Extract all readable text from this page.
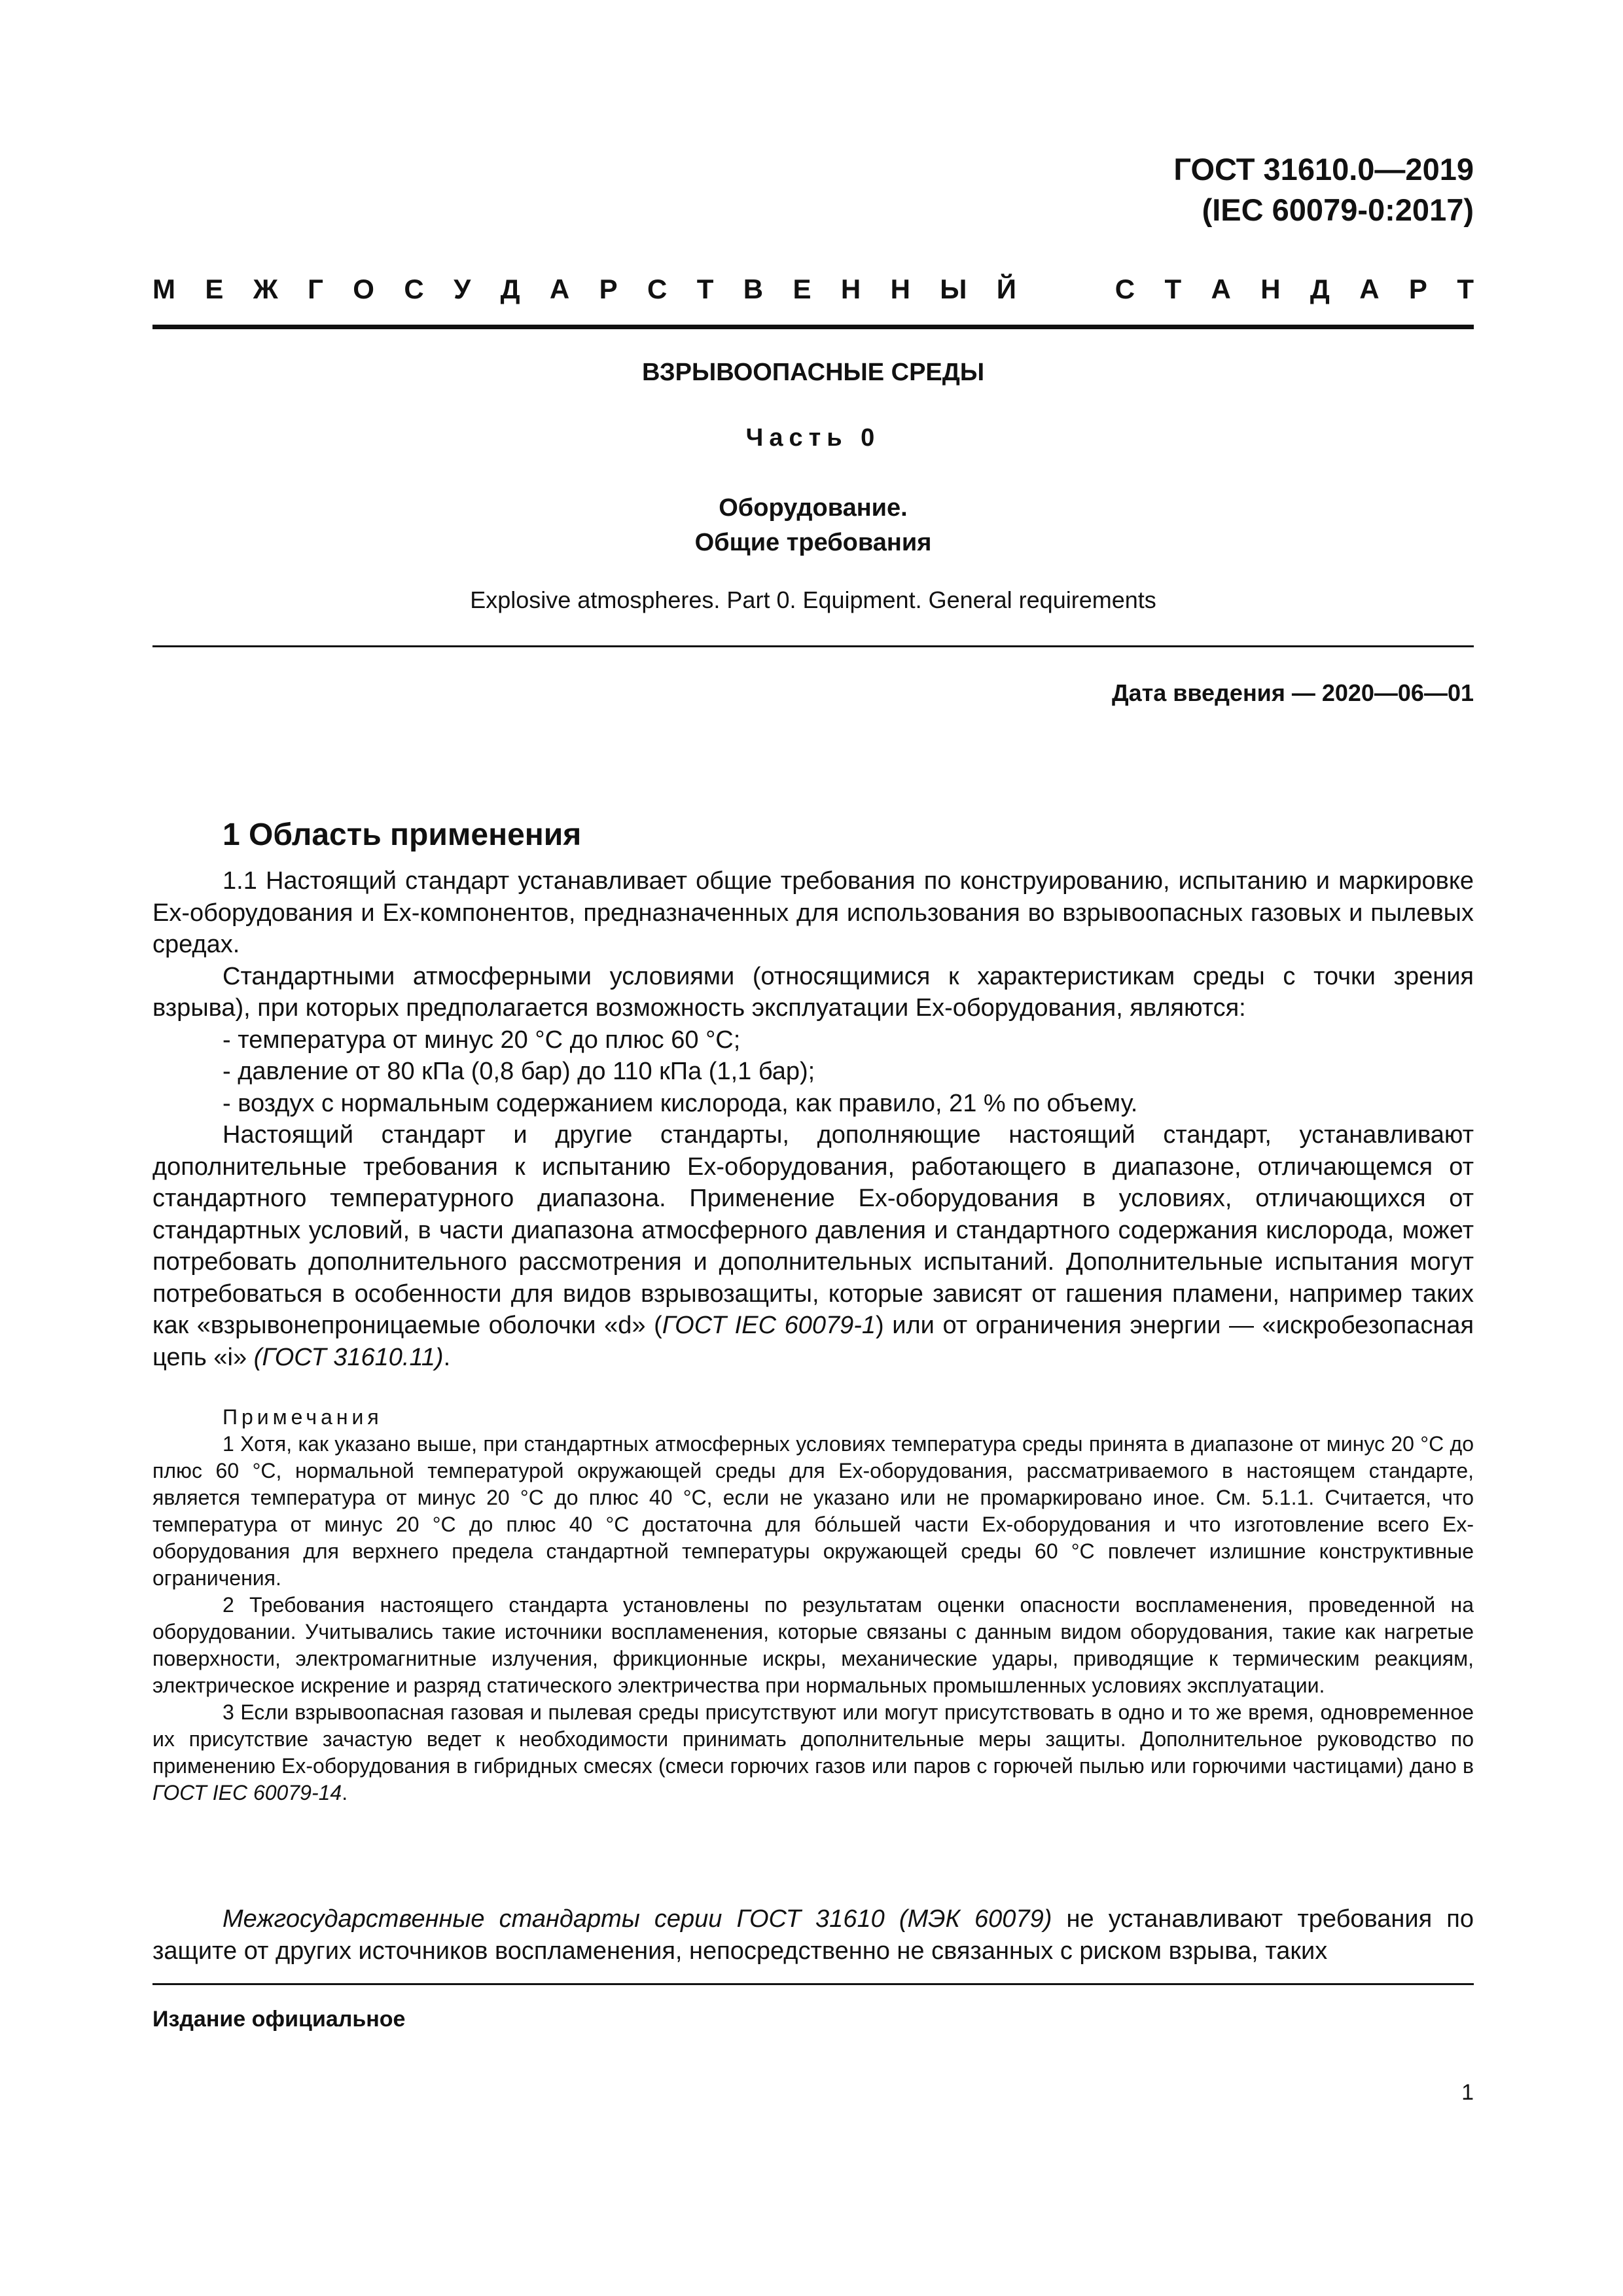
ГОСТ 31610.0—2019
(IEC 60079-0:2017)
М Е Ж Г О С У Д А Р С Т В Е Н Н Ы Й	С Т А Н Д А Р Т
ВЗРЫВООПАСНЫЕ СРЕДЫ
Часть 0
Оборудование.
Общие требования
Explosive atmospheres. Part 0. Equipment. General requirements
Дата введения — 2020—06—01
1 Область применения

1.1 Настоящий стандарт устанавливает общие требования по конструированию, испытанию и маркировке Ex-оборудования и Ex-компонентов, предназначенных для использования во взрывоопасных газовых и пылевых средах.

Стандартными атмосферными условиями (относящимися к характеристикам среды с точки зрения взрыва), при которых предполагается возможность эксплуатации Ex-оборудования, являются:

- температура от минус 20 °C до плюс 60 °C;

- давление от 80 кПа (0,8 бар) до 110 кПа (1,1 бар);

- воздух с нормальным содержанием кислорода, как правило, 21 % по объему.

Настоящий стандарт и другие стандарты, дополняющие настоящий стандарт, устанавливают дополнительные требования к испытанию Ex-оборудования, работающего в диапазоне, отличающемся от стандартного температурного диапазона. Применение Ex-оборудования в условиях, отличающихся от стандартных условий, в части диапазона атмосферного давления и стандартного содержания кислорода, может потребовать дополнительного рассмотрения и дополнительных испытаний. Дополнительные испытания могут потребоваться в особенности для видов взрывозащиты, которые зависят от гашения пламени, например таких как «взрывонепроницаемые оболочки «d» (ГОСТ IEC 60079-1) или от ограничения энергии — «искробезопасная цепь «i» (ГОСТ 31610.11).

Примечания

1 Хотя, как указано выше, при стандартных атмосферных условиях температура среды принята в диапазоне от минус 20 °C до плюс 60 °C, нормальной температурой окружающей среды для Ex-оборудования, рассматриваемого в настоящем стандарте, является температура от минус 20 °C до плюс 40 °C, если не указано или не промаркировано иное. См. 5.1.1. Считается, что температура от минус 20 °C до плюс 40 °C достаточна для бо́льшей части Ex-оборудования и что изготовление всего Ex-оборудования для верхнего предела стандартной температуры окружающей среды 60 °C повлечет излишние конструктивные ограничения.

2 Требования настоящего стандарта установлены по результатам оценки опасности воспламенения, проведенной на оборудовании. Учитывались такие источники воспламенения, которые связаны с данным видом оборудования, такие как нагретые поверхности, электромагнитные излучения, фрикционные искры, механические удары, приводящие к термическим реакциям, электрическое искрение и разряд статического электричества при нормальных промышленных условиях эксплуатации.

3 Если взрывоопасная газовая и пылевая среды присутствуют или могут присутствовать в одно и то же время, одновременное их присутствие зачастую ведет к необходимости принимать дополнительные меры защиты. Дополнительное руководство по применению Ex-оборудования в гибридных смесях (смеси горючих газов или паров с горючей пылью или горючими частицами) дано в ГОСТ IEC 60079-14.

Межгосударственные стандарты серии ГОСТ 31610 (МЭК 60079) не устанавливают требования по защите от других источников воспламенения, непосредственно не связанных с риском взрыва, таких

Издание официальное
1
